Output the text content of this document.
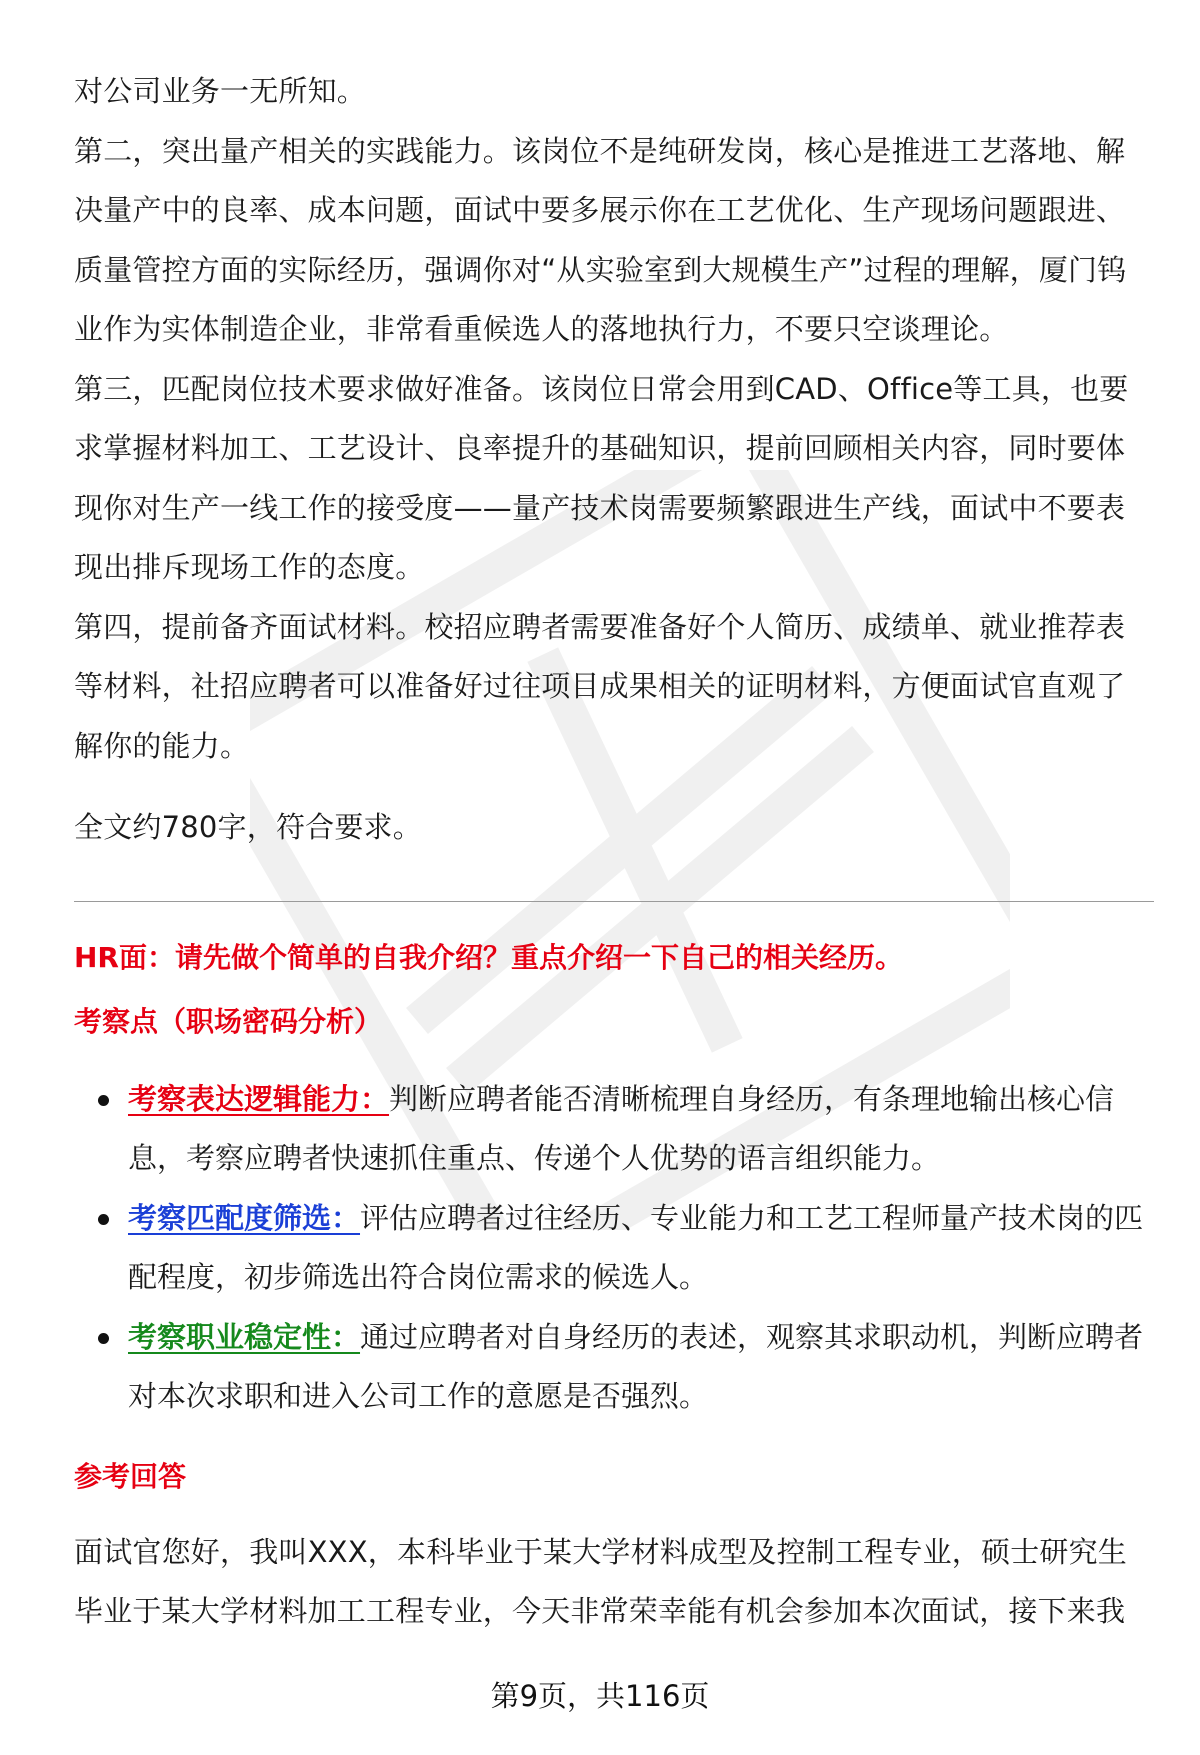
对公司业务一无所知。

第二，突出量产相关的实践能力。该岗位不是纯研发岗，核心是推进工艺落地、解决量产中的良率、成本问题，面试中要多展示你在工艺优化、生产现场问题跟进、质量管控方面的实际经历，强调你对“从实验室到大规模生产”过程的理解，厦门钨业作为实体制造企业，非常看重候选人的落地执行力，不要只空谈理论。

第三，匹配岗位技术要求做好准备。该岗位日常会用到CAD、Office等工具，也要求掌握材料加工、工艺设计、良率提升的基础知识，提前回顾相关内容，同时要体现你对生产一线工作的接受度——量产技术岗需要频繁跟进生产线，面试中不要表现出排斥现场工作的态度。

第四，提前备齐面试材料。校招应聘者需要准备好个人简历、成绩单、就业推荐表等材料，社招应聘者可以准备好过往项目成果相关的证明材料，方便面试官直观了解你的能力。

全文约780字，符合要求。

HR面：请先做个简单的自我介绍？重点介绍一下自己的相关经历。

考察点（职场密码分析）

考察表达逻辑能力：判断应聘者能否清晰梳理自身经历，有条理地输出核心信息，考察应聘者快速抓住重点、传递个人优势的语言组织能力。
考察匹配度筛选：评估应聘者过往经历、专业能力和工艺工程师量产技术岗的匹配程度，初步筛选出符合岗位需求的候选人。
考察职业稳定性：通过应聘者对自身经历的表述，观察其求职动机，判断应聘者对本次求职和进入公司工作的意愿是否强烈。

参考回答

面试官您好，我叫XXX，本科毕业于某大学材料成型及控制工程专业，硕士研究生毕业于某大学材料加工工程专业，今天非常荣幸能有机会参加本次面试，接下来我

第9页，共116页
